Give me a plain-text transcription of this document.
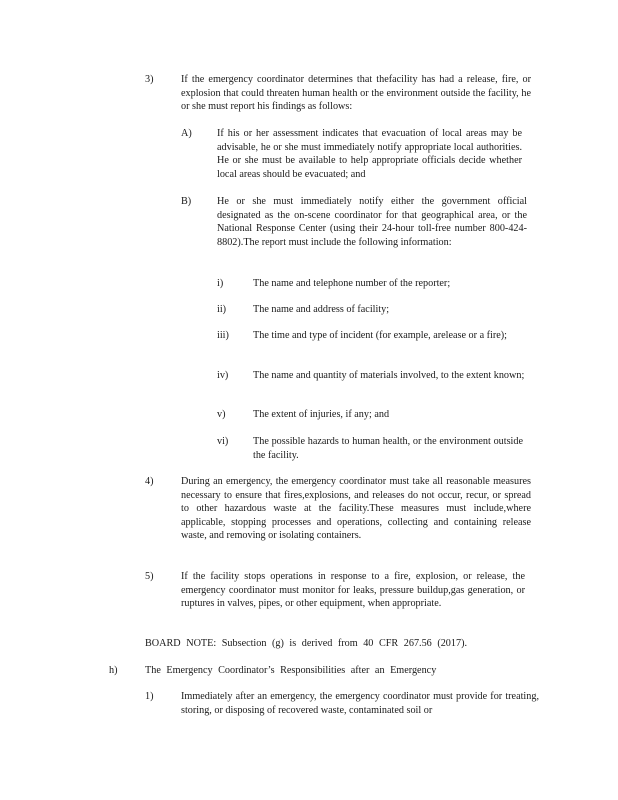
3)	If the emergency coordinator determines that thefacility has had a release, fire, or explosion that could threaten human health or the environment outside the facility, he or she must report his findings as follows:

A) If his or her assessment indicates that evacuation of local areas may be advisable, he or she must immediately notify appropriate local authorities. He or she must be available to help appropriate officials decide whether local areas should be evacuated; and

B)	He or she must immediately notify either the government official designated as the on-scene coordinator for that geographical area, or the National Response Center (using their 24-hour toll-free number 800-424-8802).The report must include the following information:

i)	The name and telephone number of the reporter;

ii)	The name and address of facility;

iii) The time and type of incident (for example, arelease or a fire);

iv) The name and quantity of materials involved, to the extent known;

v)	The extent of injuries, if any; and

vi) The possible hazards to human health, or the environment outside the facility.

4)	During an emergency, the emergency coordinator must take all reasonable measures necessary to ensure that fires,explosions, and releases do not occur, recur, or spread to other hazardous waste at the facility.These measures must include,where applicable, stopping processes and operations, collecting and containing release waste, and removing or isolating containers.

5)	If the facility stops operations in response to a fire, explosion, or release, the emergency coordinator must monitor for leaks, pressure buildup,gas generation, or ruptures in valves, pipes, or other equipment, when appropriate.

BOARD NOTE: Subsection (g) is derived from 40 CFR 267.56 (2017).

h)	The Emergency Coordinator’s Responsibilities after an Emergency

1)	Immediately after an emergency, the emergency coordinator must provide for treating, storing, or disposing of recovered waste, contaminated soil or
